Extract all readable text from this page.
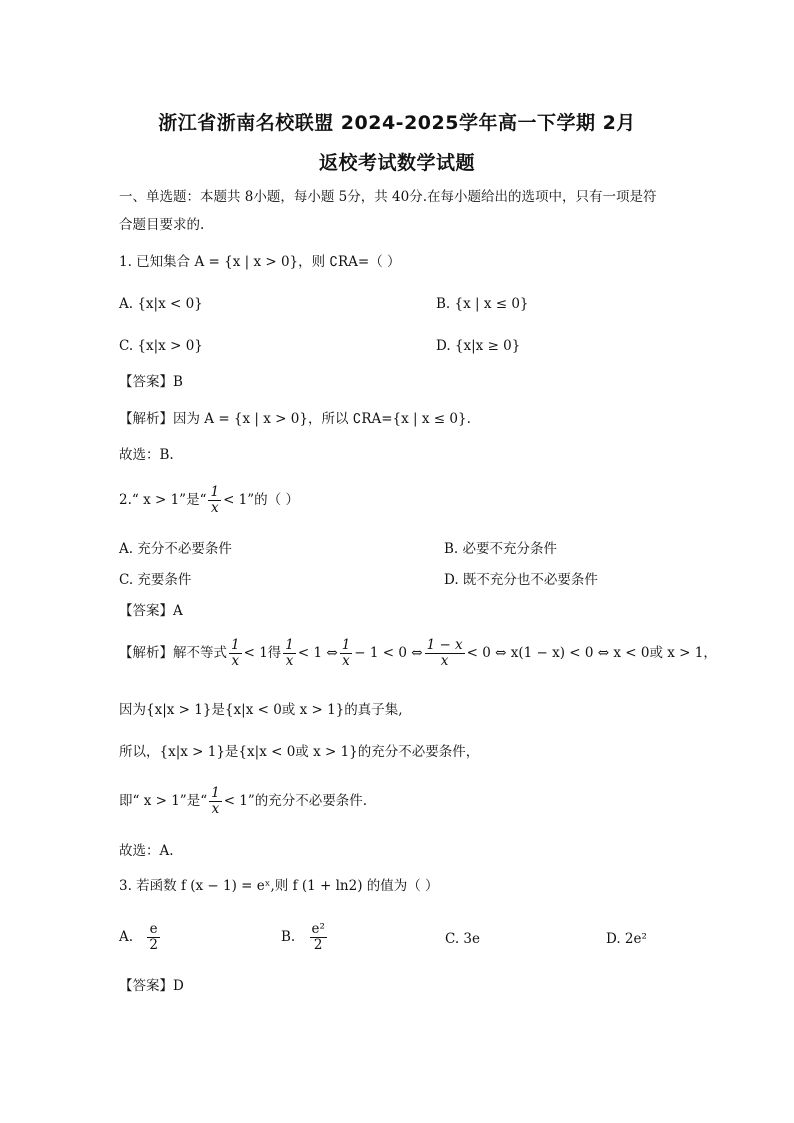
浙江省浙南名校联盟 2024-2025学年高一下学期 2月
返校考试数学试题
一、单选题：本题共 8小题，每小题 5分，共 40分.在每小题给出的选项中，只有一项是符
合题目要求的.
1. 已知集合 A = {x | x > 0}，则 ∁RA=（ ）
A. {x|x < 0}	B. {x | x ≤ 0}
C. {x|x > 0}	D. {x|x ≥ 0}
【答案】B
【解析】因为 A = {x | x > 0}，所以 ∁RA={x | x ≤ 0}.
故选：B.
2.“ x > 1”是“ $\frac{1}{x} < 1$”的（ ）
A. 充分不必要条件	B. 必要不充分条件
C. 充要条件	D. 既不充分也不必要条件
【答案】A
【解析】解不等式 $\frac{1}{x} < 1$得 $\frac{1}{x} < 1$ ⇔ $\frac{1}{x} - 1 < 0$ ⇔ $\frac{1 - x}{x} < 0$ ⇔ x(1 − x) < 0 ⇔ x < 0或 x > 1，
因为{x|x > 1}是{x|x < 0或 x > 1}的真子集,
所以，{x|x > 1}是{x|x < 0或 x > 1}的充分不必要条件，
即“ x > 1”是“ $\frac{1}{x} < 1$”的充分不必要条件.
故选：A.
3. 若函数 f (x − 1) = eˣ,则 f (1 + ln2) 的值为（ ）
A. $\frac{e}{2}$	B. $\frac{\text{e²}}{2}$	C. 3e	D. 2e²
【答案】D
